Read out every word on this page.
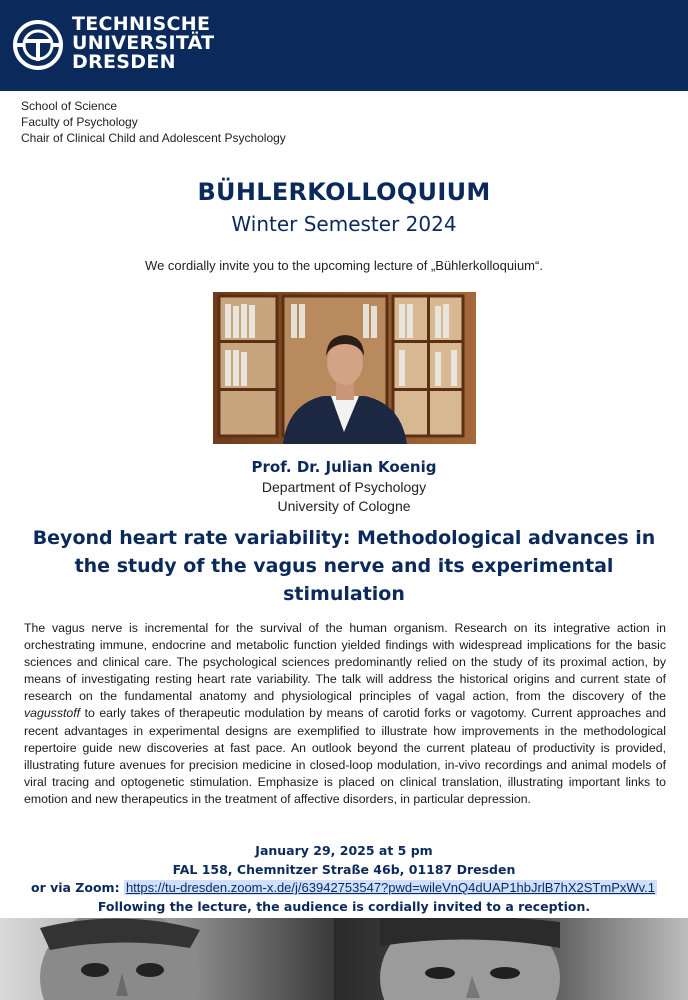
TECHNISCHE
UNIVERSITÄT
DRESDEN
School of Science
Faculty of Psychology
Chair of Clinical Child and Adolescent Psychology
BÜHLERKOLLOQUIUM
Winter Semester 2024
We cordially invite you to the upcoming lecture of „Bühlerkolloquium“.
Prof. Dr. Julian Koenig
Department of Psychology
University of Cologne
Beyond heart rate variability: Methodological advances in the study of the vagus nerve and its experimental stimulation
The vagus nerve is incremental for the survival of the human organism. Research on its integrative action in orchestrating immune, endocrine and metabolic function yielded findings with widespread implications for the basic sciences and clinical care. The psychological sciences predominantly relied on the study of its proximal action, by means of investigating resting heart rate variability. The talk will address the historical origins and current state of research on the fundamental anatomy and physiological principles of vagal action, from the discovery of the vagusstoff to early takes of therapeutic modulation by means of carotid forks or vagotomy. Current approaches and recent advantages in experimental designs are exemplified to illustrate how improvements in the methodological repertoire guide new discoveries at fast pace. An outlook beyond the current plateau of productivity is provided, illustrating future avenues for precision medicine in closed-loop modulation, in-vivo recordings and animal models of viral tracing and optogenetic stimulation. Emphasize is placed on clinical translation, illustrating important links to emotion and new therapeutics in the treatment of affective disorders, in particular depression.
January 29, 2025 at 5 pm
FAL 158, Chemnitzer Straße 46b, 01187 Dresden
or via Zoom: https://tu-dresden.zoom-x.de/j/63942753547?pwd=wileVnQ4dUAP1hbJrlB7hX2STmPxWv.1
Following the lecture, the audience is cordially invited to a reception.
